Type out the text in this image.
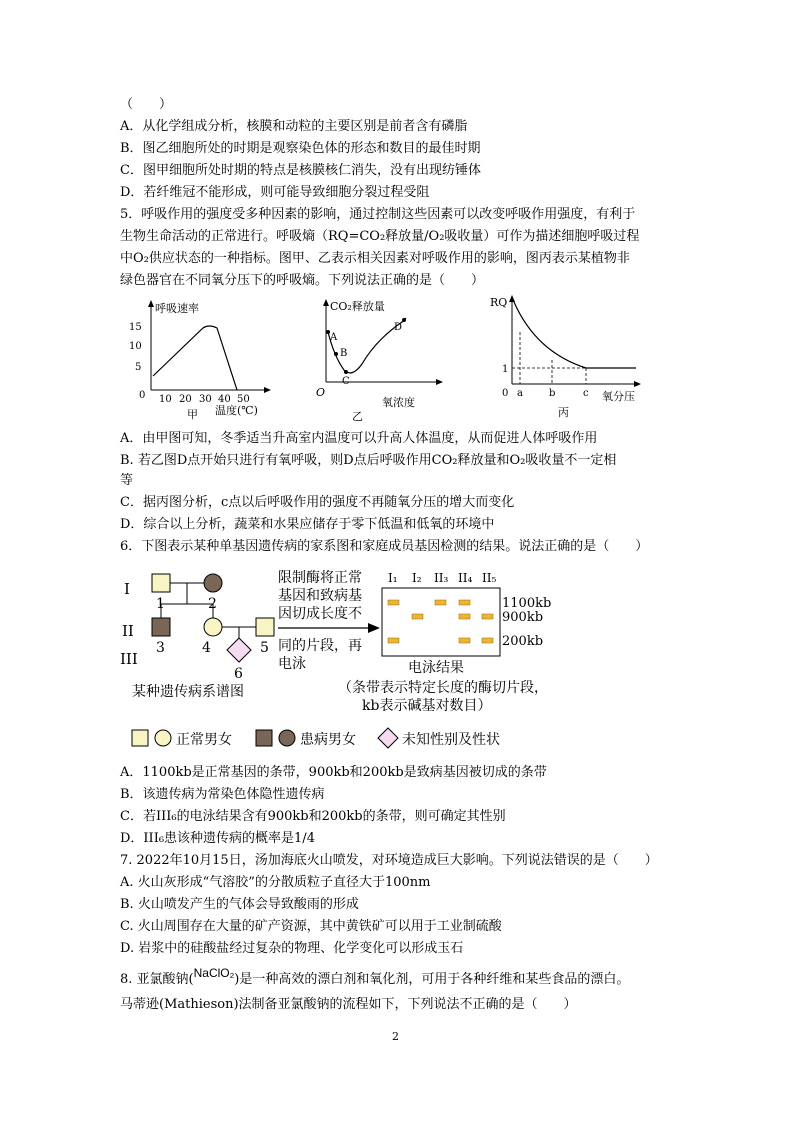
（　　）
A．从化学组成分析，核膜和动粒的主要区别是前者含有磷脂
B．图乙细胞所处的时期是观察染色体的形态和数目的最佳时期
C．图甲细胞所处时期的特点是核膜核仁消失，没有出现纺锤体
D．若纤维冠不能形成，则可能导致细胞分裂过程受阻
5．呼吸作用的强度受多种因素的影响，通过控制这些因素可以改变呼吸作用强度，有利于
生物生命活动的正常进行。呼吸熵（RQ=CO₂释放量/O₂吸收量）可作为描述细胞呼吸过程
中O₂供应状态的一种指标。图甲、乙表示相关因素对呼吸作用的影响，图丙表示某植物非
绿色器官在不同氧分压下的呼吸熵。下列说法正确的是（　　）
呼吸速率
15
10
5
0 10 20 30 40 50
甲 温度(℃)
CO₂释放量
O
A
B
C
D
氧浓度
乙
RQ
1
0 a	b	c 氧分压
丙
A．由甲图可知，冬季适当升高室内温度可以升高人体温度，从而促进人体呼吸作用
B. 若乙图D点开始只进行有氧呼吸，则D点后呼吸作用CO₂释放量和O₂吸收量不一定相
等
C．据丙图分析，c点以后呼吸作用的强度不再随氧分压的增大而变化
D．综合以上分析，蔬菜和水果应储存于零下低温和低氧的环境中
6．下图表示某种单基因遗传病的家系图和家庭成员基因检测的结果。说法正确的是（　　）
I
II
III
1	2
3	4	5
6
某种遗传病系谱图
限制酶将正常
基因和致病基
因切成长度不
同的片段，再
电泳
I₁ I₂ II₃ II₄ II₅
1100kb
900kb
200kb
电泳结果
（条带表示特定长度的酶切片段，
kb表示碱基对数目）
正常男女	患病男女	未知性别及性状
A．1100kb是正常基因的条带，900kb和200kb是致病基因被切成的条带
B．该遗传病为常染色体隐性遗传病
C．若III₆的电泳结果含有900kb和200kb的条带，则可确定其性别
D．III₆患该种遗传病的概率是1/4
7. 2022年10月15日，汤加海底火山喷发，对环境造成巨大影响。下列说法错误的是（　　）
A. 火山灰形成“气溶胶”的分散质粒子直径大于100nm
B. 火山喷发产生的气体会导致酸雨的形成
C. 火山周围存在大量的矿产资源，其中黄铁矿可以用于工业制硫酸
D. 岩浆中的硅酸盐经过复杂的物理、化学变化可以形成玉石
8. 亚氯酸钠(NaClO₂)是一种高效的漂白剂和氧化剂，可用于各种纤维和某些食品的漂白。
马蒂逊(Mathieson)法制备亚氯酸钠的流程如下，下列说法不正确的是（　　）
2
